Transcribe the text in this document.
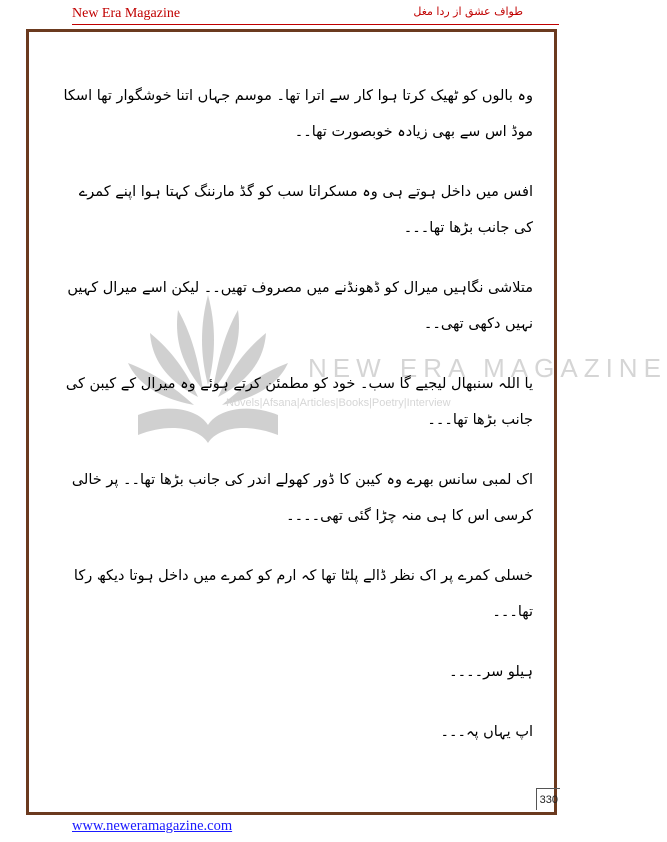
New Era Magazine	طواف عشق از ردا مغل
NEW ERA MAGAZINE
Novels|Afsana|Articles|Books|Poetry|Interview

وہ بالوں کو ٹھیک کرتا ہوا کار سے اترا تھا۔ موسم جہاں اتنا خوشگوار تھا اسکا موڈ اس سے بھی زیادہ خوبصورت تھا۔۔

افس میں داخل ہوتے ہی وہ مسکراتا سب کو گڈ مارننگ کہتا ہوا اپنے کمرے کی جانب بڑھا تھا۔۔۔

متلاشی نگاہیں میرال کو ڈھونڈنے میں مصروف تھیں۔۔ لیکن اسے میرال کہیں نہیں دکھی تھی۔۔

یا اللہ سنبھال لیجیے گا سب۔ خود کو مطمئن کرتے ہوئے وہ میرال کے کیبن کی جانب بڑھا تھا۔۔۔

اک لمبی سانس بھرے وہ کیبن کا ڈور کھولے اندر کی جانب بڑھا تھا۔۔ پر خالی کرسی اس کا ہی منہ چڑا گئی تھی۔۔۔۔

خسلی کمرے پر اک نظر ڈالے پلٹا تھا کہ ارم کو کمرے میں داخل ہوتا دیکھ رکا تھا۔۔۔

ہیلو سر۔۔۔۔

اپ یہاں پہ۔۔۔

330
www.neweramagazine.com
